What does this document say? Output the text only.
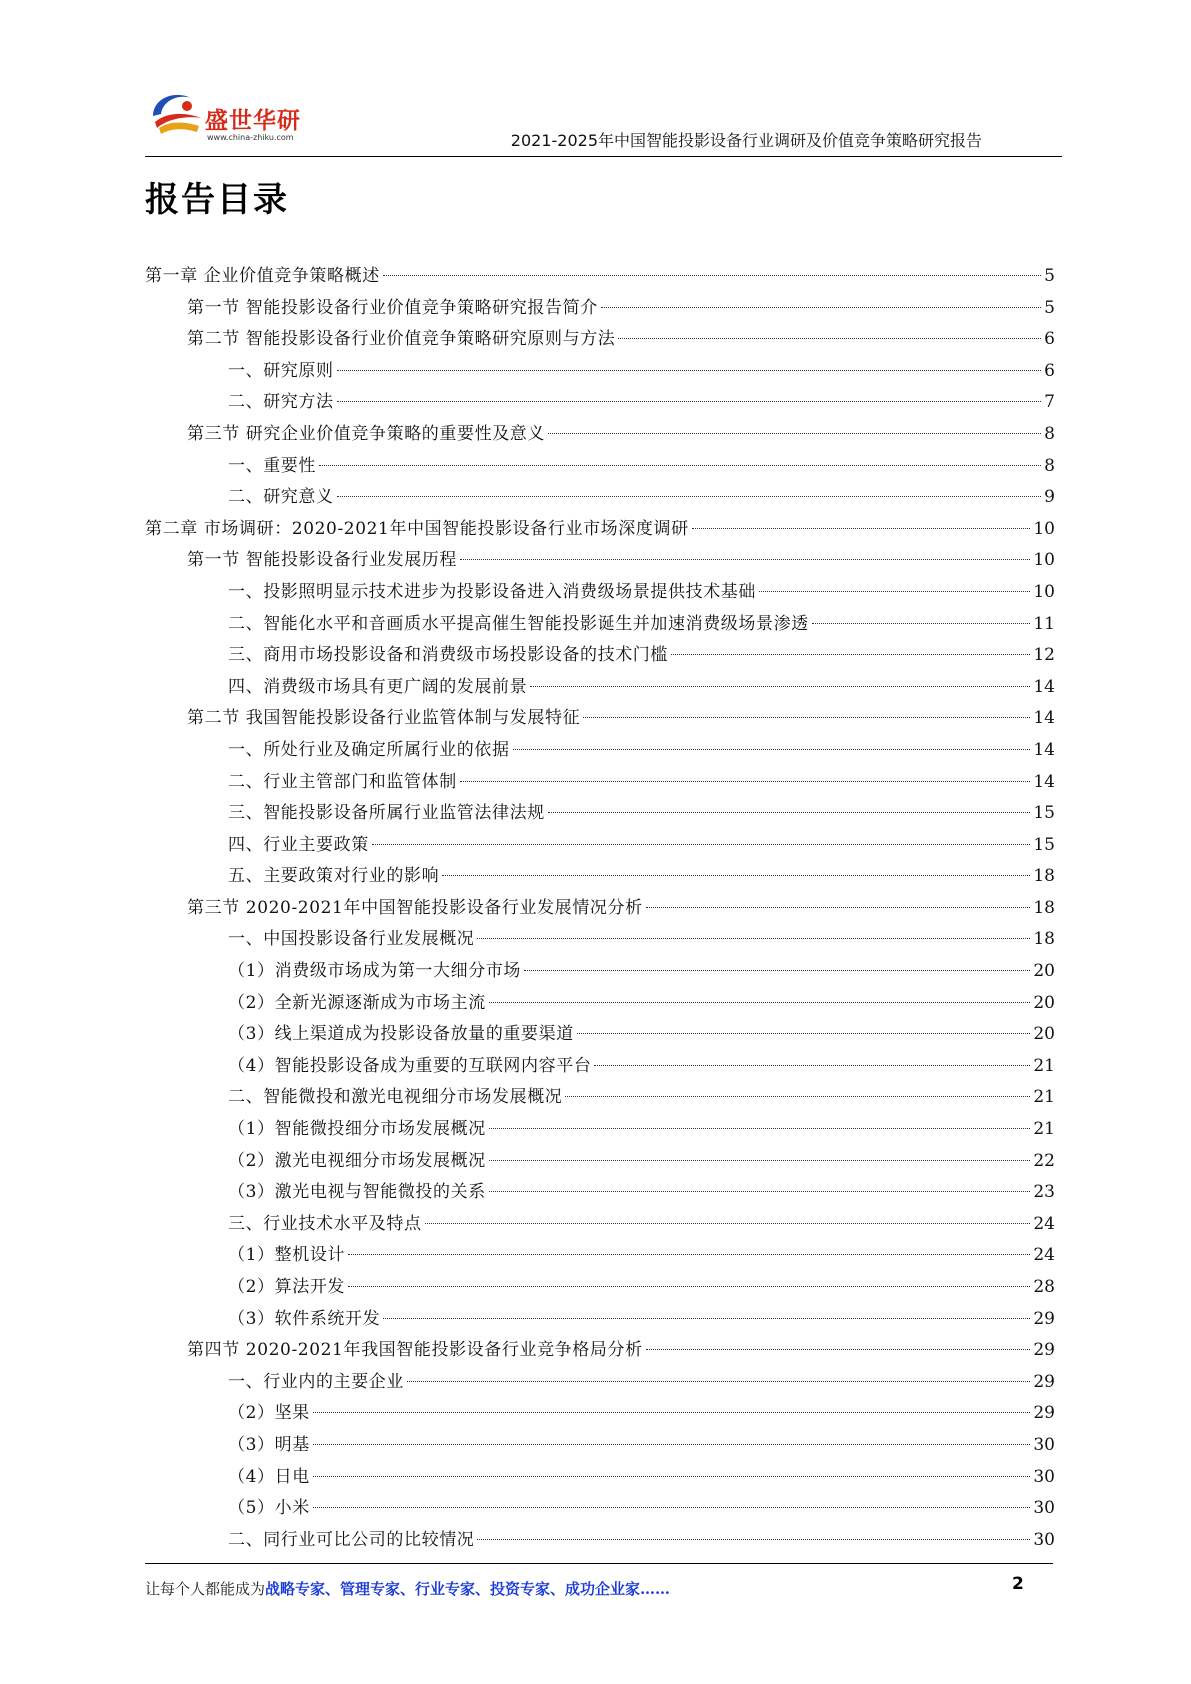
盛世华研
www.china-zhiku.com	2021-2025年中国智能投影设备行业调研及价值竞争策略研究报告
报告目录
第一章 企业价值竞争策略概述	5
第一节 智能投影设备行业价值竞争策略研究报告简介	5
第二节 智能投影设备行业价值竞争策略研究原则与方法	6
一、研究原则	6
二、研究方法	7
第三节 研究企业价值竞争策略的重要性及意义	8
一、重要性	8
二、研究意义	9
第二章 市场调研：2020-2021年中国智能投影设备行业市场深度调研	10
第一节 智能投影设备行业发展历程	10
一、投影照明显示技术进步为投影设备进入消费级场景提供技术基础	10
二、智能化水平和音画质水平提高催生智能投影诞生并加速消费级场景渗透	11
三、商用市场投影设备和消费级市场投影设备的技术门槛	12
四、消费级市场具有更广阔的发展前景	14
第二节 我国智能投影设备行业监管体制与发展特征	14
一、所处行业及确定所属行业的依据	14
二、行业主管部门和监管体制	14
三、智能投影设备所属行业监管法律法规	15
四、行业主要政策	15
五、主要政策对行业的影响	18
第三节 2020-2021年中国智能投影设备行业发展情况分析	18
一、中国投影设备行业发展概况	18
（1）消费级市场成为第一大细分市场	20
（2）全新光源逐渐成为市场主流	20
（3）线上渠道成为投影设备放量的重要渠道	20
（4）智能投影设备成为重要的互联网内容平台	21
二、智能微投和激光电视细分市场发展概况	21
（1）智能微投细分市场发展概况	21
（2）激光电视细分市场发展概况	22
（3）激光电视与智能微投的关系	23
三、行业技术水平及特点	24
（1）整机设计	24
（2）算法开发	28
（3）软件系统开发	29
第四节 2020-2021年我国智能投影设备行业竞争格局分析	29
一、行业内的主要企业	29
（2）坚果	29
（3）明基	30
（4）日电	30
（5）小米	30
二、同行业可比公司的比较情况	30
让每个人都能成为战略专家、管理专家、行业专家、投资专家、成功企业家……	2
